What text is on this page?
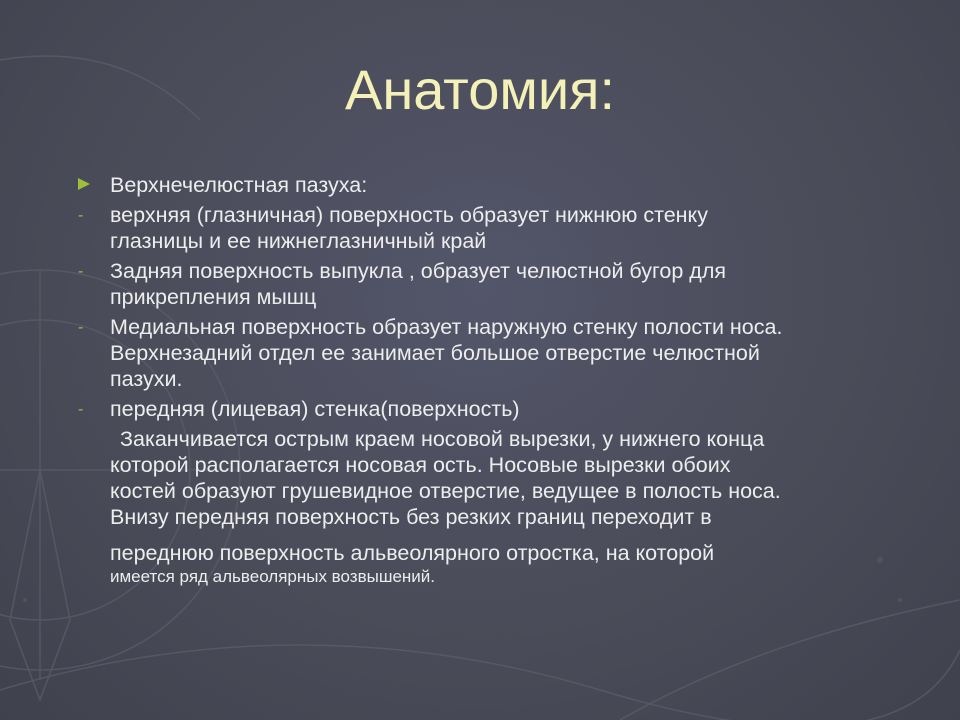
Анатомия:
Верхнечелюстная пазуха:
- верхняя (глазничная) поверхность образует нижнюю стенку
глазницы и ее нижнеглазничный край
- Задняя поверхность выпукла , образует челюстной бугор для
прикрепления мышц
- Медиальная поверхность образует наружную стенку полости носа.
Верхнезадний отдел ее занимает большое отверстие челюстной
пазухи.
- передняя (лицевая) стенка(поверхность)
Заканчивается острым краем носовой вырезки, у нижнего конца
которой располагается носовая ость. Носовые вырезки обоих
костей образуют грушевидное отверстие, ведущее в полость носа.
Внизу передняя поверхность без резких границ переходит в
переднюю поверхность альвеолярного отростка, на которой
имеется ряд альвеолярных возвышений.
